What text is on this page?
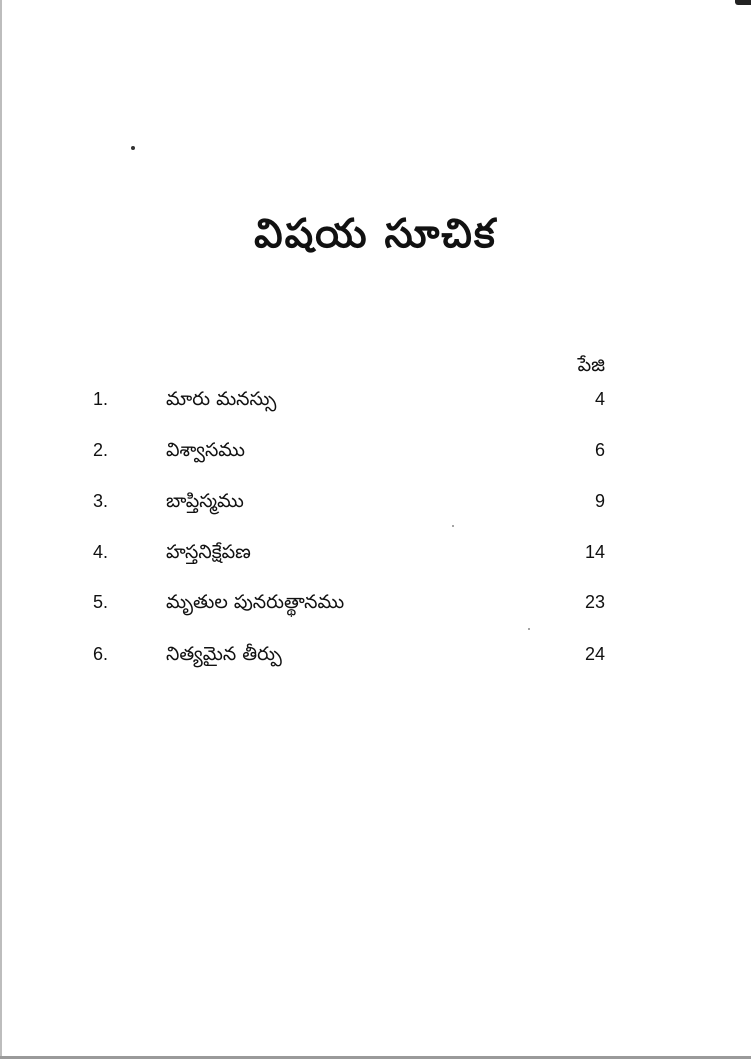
విషయ సూచిక
పేజి
1.	మారు మనస్సు	4
2.	విశ్వాసము	6
3.	బాప్తిస్మము	9
4.	హస్తనిక్షేపణ	14
5.	మృతుల పునరుత్థానము	23
6.	నిత్యమైన తీర్పు	24
